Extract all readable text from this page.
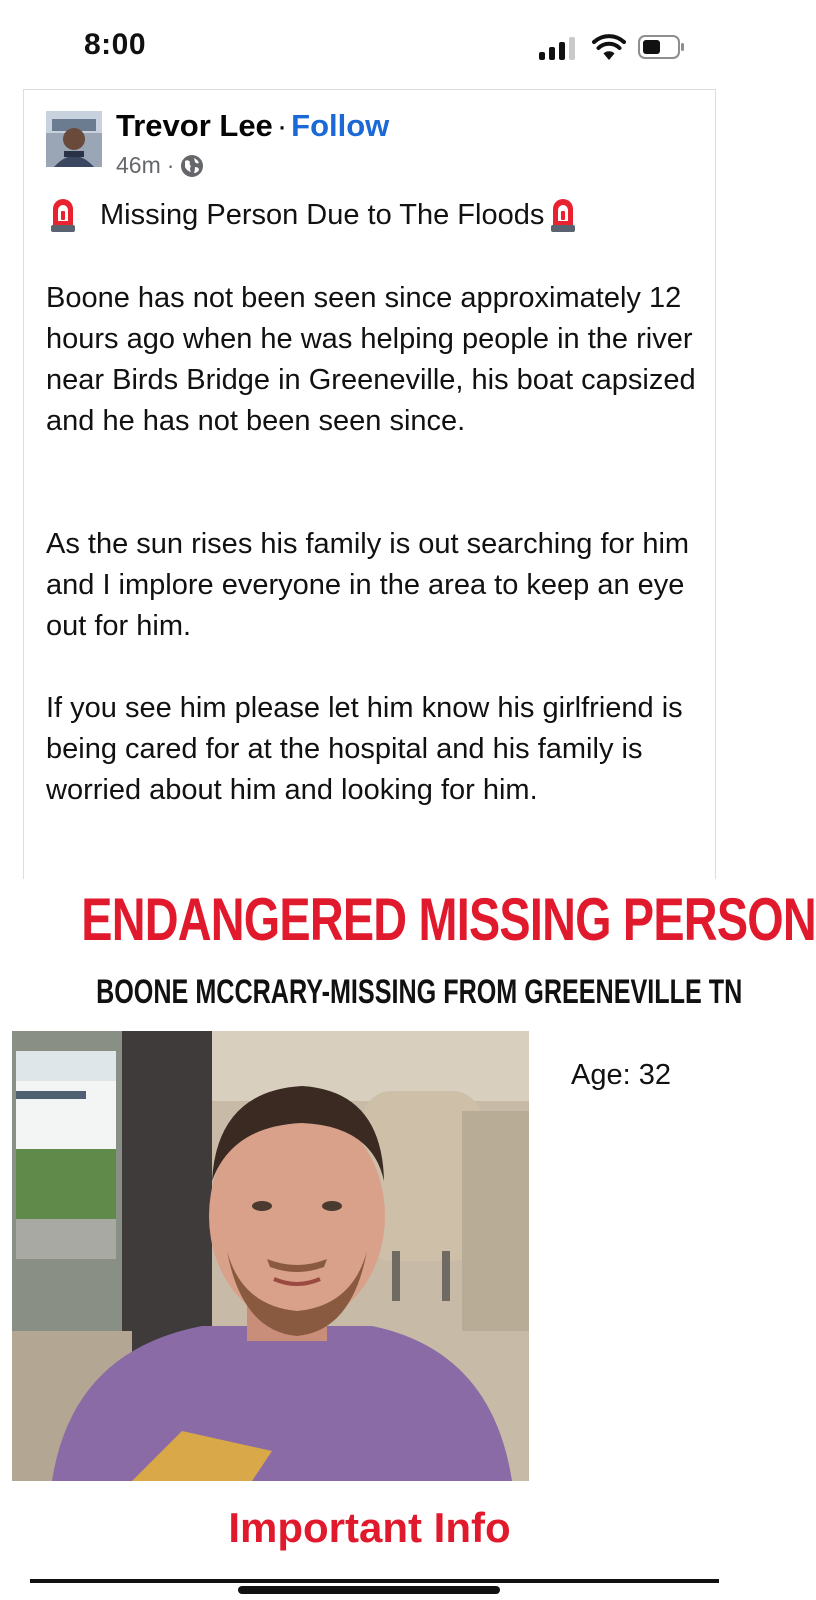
8:00
Trevor Lee · Follow
46m ·
Missing Person Due to The Floods

Boone has not been seen since approximately 12 hours ago when he was helping people in the river near Birds Bridge in Greeneville, his boat capsized and he has not been seen since.

As the sun rises his family is out searching for him and I implore everyone in the area to keep an eye out for him.

If you see him please let him know his girlfriend is being cared for at the hospital and his family is worried about him and looking for him.

ENDANGERED MISSING PERSON
BOONE MCCRARY-MISSING FROM GREENEVILLE TN
Age: 32
Important Info
